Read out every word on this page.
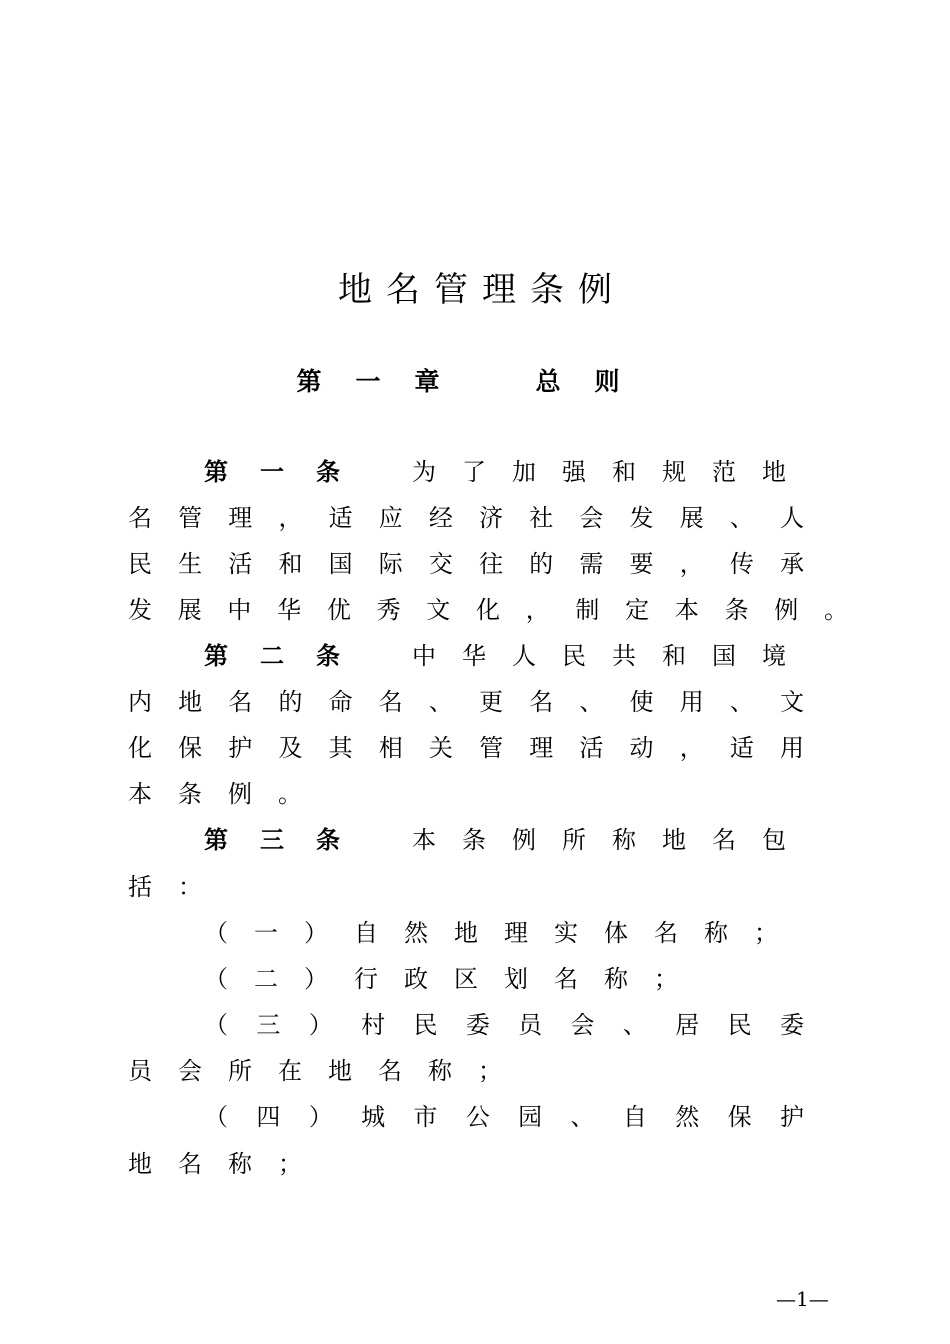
地名管理条例
第一章 总则
第一条 为了加强和规范地
名管理，适应经济社会发展、人
民生活和国际交往的需要，传承
发展中华优秀文化，制定本条例。
第二条 中华人民共和国境
内地名的命名、更名、使用、文
化保护及其相关管理活动，适用
本条例。
第三条 本条例所称地名包
括：
（一）自然地理实体名称；
（二）行政区划名称；
（三）村民委员会、居民委
员会所在地名称；
（四）城市公园、自然保护
地名称；
—1—
